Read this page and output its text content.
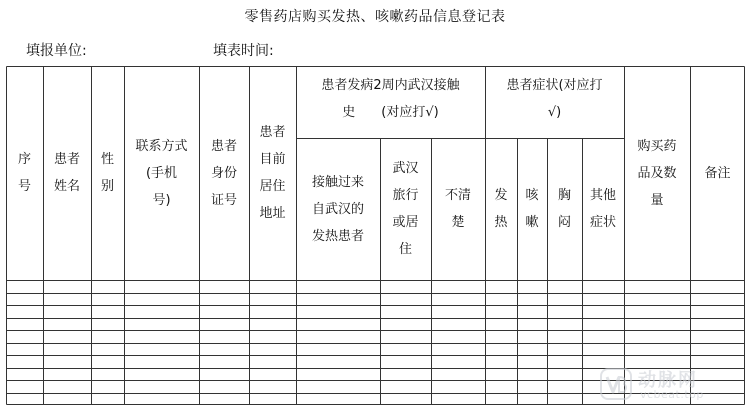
零售药店购买发热、咳嗽药品信息登记表
填报单位:	填表时间:
序
号
患者
姓名
性
别
联系方式
(手机
号)
患者
身份
证号
患者
目前
居住
地址
患者发病2周内武汉接触
史　　(对应打√)
接触过来
自武汉的
发热患者
武汉
旅行
或居
住
不清
楚
患者症状(对应打
√)
发
热
咳
嗽
胸
闷
其他
症状
购买药
品及数
量
备注
动脉网
vcbeat.top
